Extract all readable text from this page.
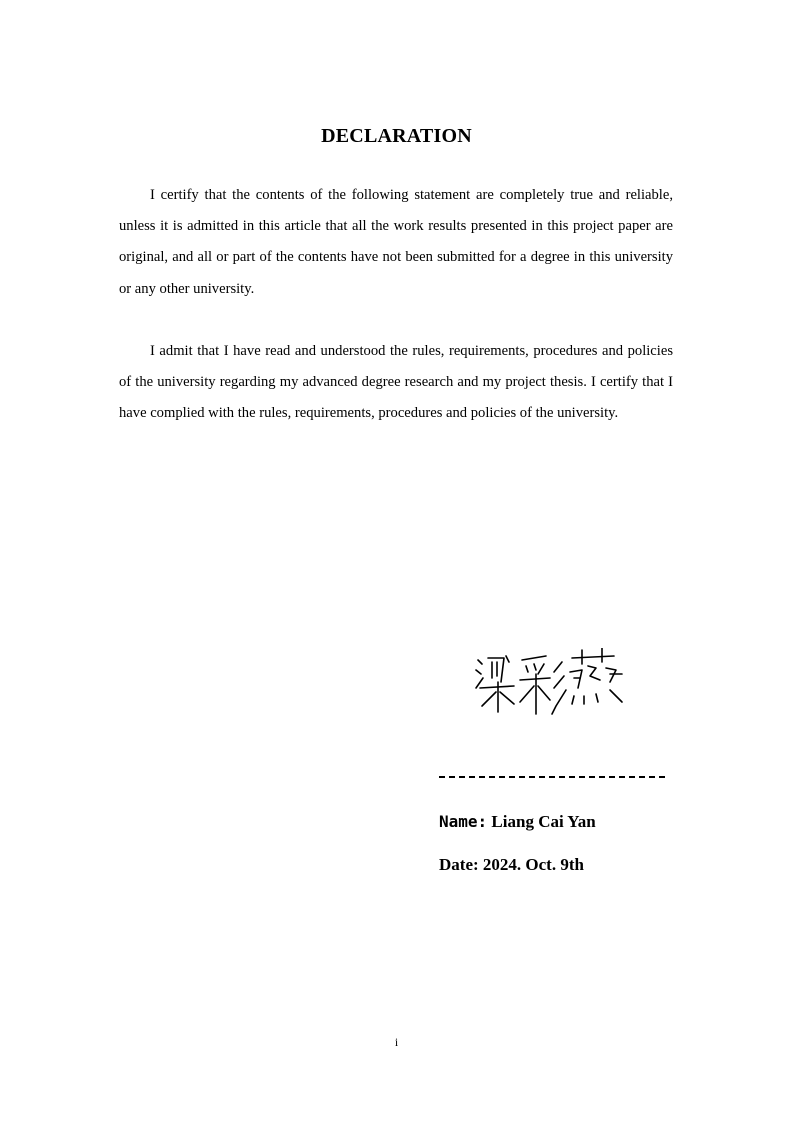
DECLARATION

I certify that the contents of the following statement are completely true and reliable, unless it is admitted in this article that all the work results presented in this project paper are original, and all or part of the contents have not been submitted for a degree in this university or any other university.

I admit that I have read and understood the rules, requirements, procedures and policies of the university regarding my advanced degree research and my project thesis. I certify that I have complied with the rules, requirements, procedures and policies of the university.

Name: Liang Cai Yan
Date: 2024. Oct. 9th
i
